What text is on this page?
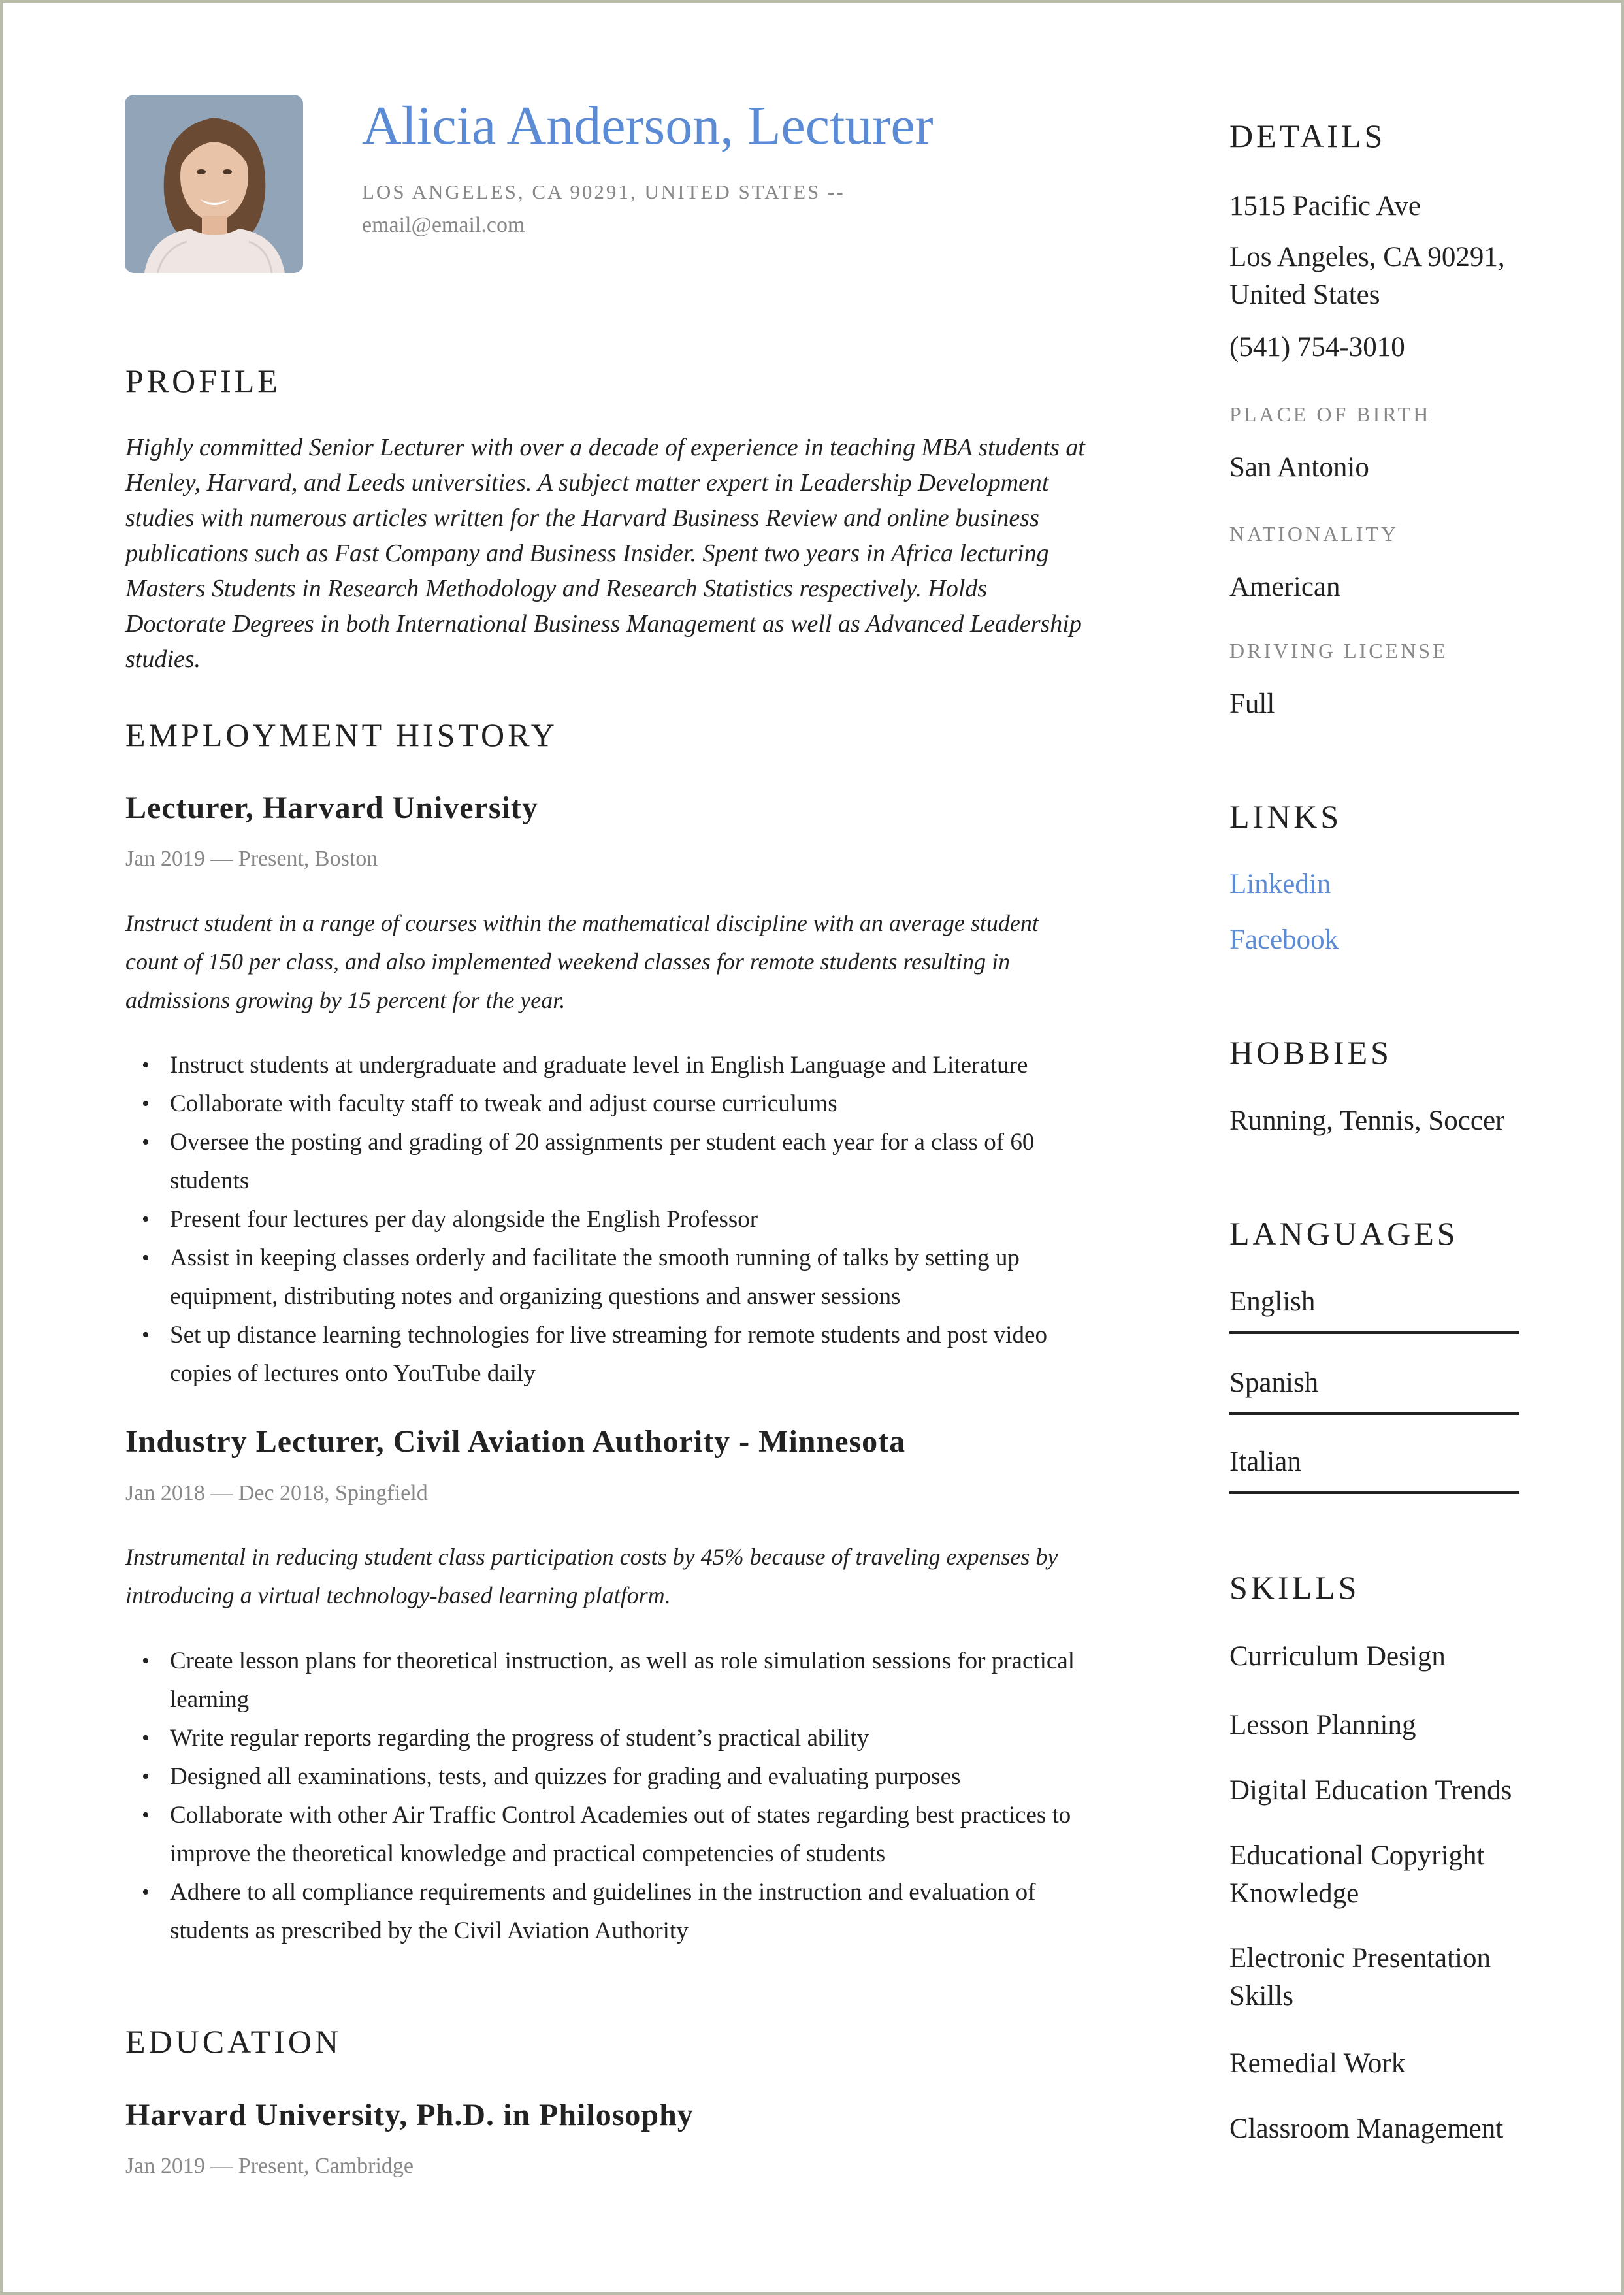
Alicia Anderson, Lecturer
LOS ANGELES, CA 90291, UNITED STATES --
email@email.com
PROFILE

Highly committed Senior Lecturer with over a decade of experience in teaching MBA students at Henley, Harvard, and Leeds universities. A subject matter expert in Leadership Development studies with numerous articles written for the Harvard Business Review and online business publications such as Fast Company and Business Insider. Spent two years in Africa lecturing Masters Students in Research Methodology and Research Statistics respectively. Holds Doctorate Degrees in both International Business Management as well as Advanced Leadership studies.

EMPLOYMENT HISTORY
Lecturer, Harvard University
Jan 2019 — Present, Boston

Instruct student in a range of courses within the mathematical discipline with an average student count of 150 per class, and also implemented weekend classes for remote students resulting in admissions growing by 15 percent for the year.

• Instruct students at undergraduate and graduate level in English Language and Literature
• Collaborate with faculty staff to tweak and adjust course curriculums
• Oversee the posting and grading of 20 assignments per student each year for a class of 60 students
• Present four lectures per day alongside the English Professor
• Assist in keeping classes orderly and facilitate the smooth running of talks by setting up equipment, distributing notes and organizing questions and answer sessions
• Set up distance learning technologies for live streaming for remote students and post video copies of lectures onto YouTube daily
Industry Lecturer, Civil Aviation Authority - Minnesota
Jan 2018 — Dec 2018, Spingfield

Instrumental in reducing student class participation costs by 45% because of traveling expenses by introducing a virtual technology-based learning platform.

• Create lesson plans for theoretical instruction, as well as role simulation sessions for practical learning
• Write regular reports regarding the progress of student’s practical ability
• Designed all examinations, tests, and quizzes for grading and evaluating purposes
• Collaborate with other Air Traffic Control Academies out of states regarding best practices to improve the theoretical knowledge and practical competencies of students
• Adhere to all compliance requirements and guidelines in the instruction and evaluation of students as prescribed by the Civil Aviation Authority
EDUCATION
Harvard University, Ph.D. in Philosophy
Jan 2019 — Present, Cambridge
DETAILS

1515 Pacific Ave

Los Angeles, CA 90291, United States

(541) 754-3010

PLACE OF BIRTH

San Antonio

NATIONALITY

American

DRIVING LICENSE

Full

LINKS
Linkedin
Facebook
HOBBIES

Running, Tennis, Soccer

LANGUAGES
English
Spanish
Italian
SKILLS

Curriculum Design

Lesson Planning

Digital Education Trends

Educational Copyright Knowledge

Electronic Presentation Skills

Remedial Work

Classroom Management
